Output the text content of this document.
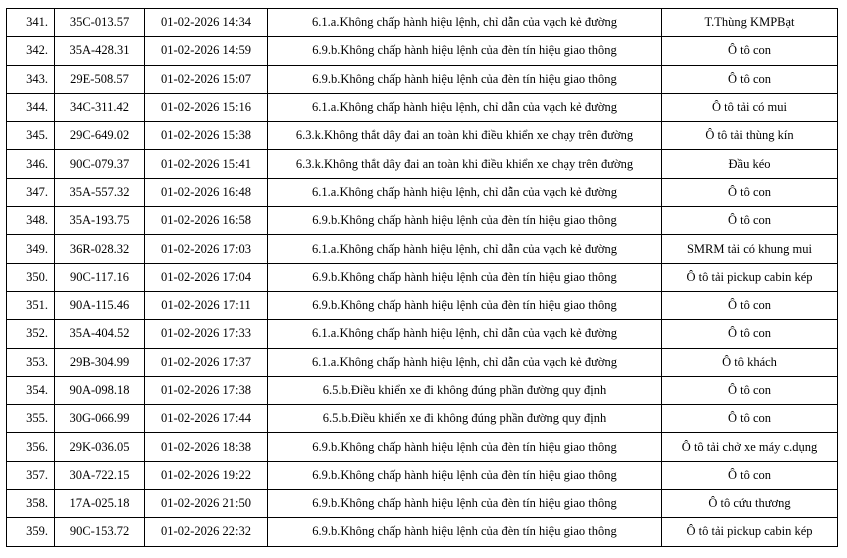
341.	35C-013.57	01-02-2026 14:34	6.1.a.Không chấp hành hiệu lệnh, chỉ dẫn của vạch kẻ đường	T.Thùng KMPBạt
342.	35A-428.31	01-02-2026 14:59	6.9.b.Không chấp hành hiệu lệnh của đèn tín hiệu giao thông	Ô tô con
343.	29E-508.57	01-02-2026 15:07	6.9.b.Không chấp hành hiệu lệnh của đèn tín hiệu giao thông	Ô tô con
344.	34C-311.42	01-02-2026 15:16	6.1.a.Không chấp hành hiệu lệnh, chỉ dẫn của vạch kẻ đường	Ô tô tải có mui
345.	29C-649.02	01-02-2026 15:38	6.3.k.Không thắt dây đai an toàn khi điều khiển xe chạy trên đường	Ô tô tải thùng kín
346.	90C-079.37	01-02-2026 15:41	6.3.k.Không thắt dây đai an toàn khi điều khiển xe chạy trên đường	Đầu kéo
347.	35A-557.32	01-02-2026 16:48	6.1.a.Không chấp hành hiệu lệnh, chỉ dẫn của vạch kẻ đường	Ô tô con
348.	35A-193.75	01-02-2026 16:58	6.9.b.Không chấp hành hiệu lệnh của đèn tín hiệu giao thông	Ô tô con
349.	36R-028.32	01-02-2026 17:03	6.1.a.Không chấp hành hiệu lệnh, chỉ dẫn của vạch kẻ đường	SMRM tải có khung mui
350.	90C-117.16	01-02-2026 17:04	6.9.b.Không chấp hành hiệu lệnh của đèn tín hiệu giao thông	Ô tô tải pickup cabin kép
351.	90A-115.46	01-02-2026 17:11	6.9.b.Không chấp hành hiệu lệnh của đèn tín hiệu giao thông	Ô tô con
352.	35A-404.52	01-02-2026 17:33	6.1.a.Không chấp hành hiệu lệnh, chỉ dẫn của vạch kẻ đường	Ô tô con
353.	29B-304.99	01-02-2026 17:37	6.1.a.Không chấp hành hiệu lệnh, chỉ dẫn của vạch kẻ đường	Ô tô khách
354.	90A-098.18	01-02-2026 17:38	6.5.b.Điều khiển xe đi không đúng phần đường quy định	Ô tô con
355.	30G-066.99	01-02-2026 17:44	6.5.b.Điều khiển xe đi không đúng phần đường quy định	Ô tô con
356.	29K-036.05	01-02-2026 18:38	6.9.b.Không chấp hành hiệu lệnh của đèn tín hiệu giao thông	Ô tô tải chở xe máy c.dụng
357.	30A-722.15	01-02-2026 19:22	6.9.b.Không chấp hành hiệu lệnh của đèn tín hiệu giao thông	Ô tô con
358.	17A-025.18	01-02-2026 21:50	6.9.b.Không chấp hành hiệu lệnh của đèn tín hiệu giao thông	Ô tô cứu thương
359.	90C-153.72	01-02-2026 22:32	6.9.b.Không chấp hành hiệu lệnh của đèn tín hiệu giao thông	Ô tô tải pickup cabin kép
